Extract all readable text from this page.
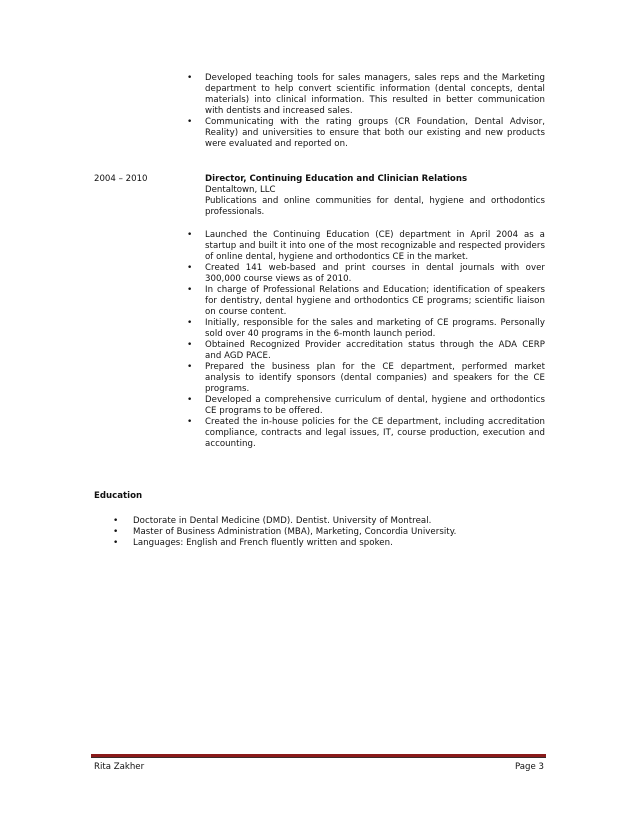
• Developed teaching tools for sales managers, sales reps and the Marketing department to help convert scientific information (dental concepts, dental materials) into clinical information. This resulted in better communication with dentists and increased sales.
• Communicating with the rating groups (CR Foundation, Dental Advisor, Reality) and universities to ensure that both our existing and new products were evaluated and reported on.
2004 – 2010	Director, Continuing Education and Clinician Relations
Dentaltown, LLC
Publications and online communities for dental, hygiene and orthodontics professionals.
• Launched the Continuing Education (CE) department in April 2004 as a startup and built it into one of the most recognizable and respected providers of online dental, hygiene and orthodontics CE in the market.
• Created 141 web-based and print courses in dental journals with over 300,000 course views as of 2010.
• In charge of Professional Relations and Education; identification of speakers for dentistry, dental hygiene and orthodontics CE programs; scientific liaison on course content.
• Initially, responsible for the sales and marketing of CE programs. Personally sold over 40 programs in the 6-month launch period.
• Obtained Recognized Provider accreditation status through the ADA CERP and AGD PACE.
• Prepared the business plan for the CE department, performed market analysis to identify sponsors (dental companies) and speakers for the CE programs.
• Developed a comprehensive curriculum of dental, hygiene and orthodontics CE programs to be offered.
• Created the in-house policies for the CE department, including accreditation compliance, contracts and legal issues, IT, course production, execution and accounting.
Education
• Doctorate in Dental Medicine (DMD). Dentist. University of Montreal.
• Master of Business Administration (MBA), Marketing, Concordia University.
• Languages: English and French fluently written and spoken.
Rita Zakher	Page 3
